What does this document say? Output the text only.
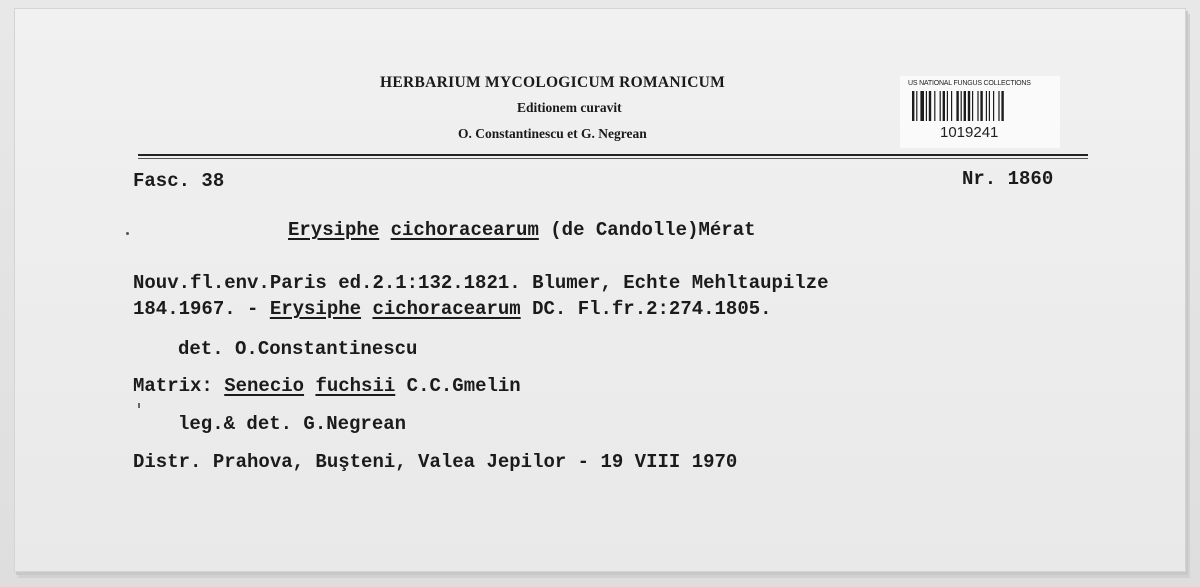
HERBARIUM MYCOLOGICUM ROMANICUM
Editionem curavit
O. Constantinescu et G. Negrean
US NATIONAL FUNGUS COLLECTIONS
1019241
Fasc. 38	Nr. 1860
Erysiphe cichoracearum (de Candolle)Mérat
Nouv.fl.env.Paris ed.2.1:132.1821. Blumer, Echte Mehltaupilze
184.1967. - Erysiphe cichoracearum DC. Fl.fr.2:274.1805.
det. O.Constantinescu
Matrix: Senecio fuchsii C.C.Gmelin
leg.& det. G.Negrean
Distr. Prahova, Buşteni, Valea Jepilor - 19 VIII 1970
